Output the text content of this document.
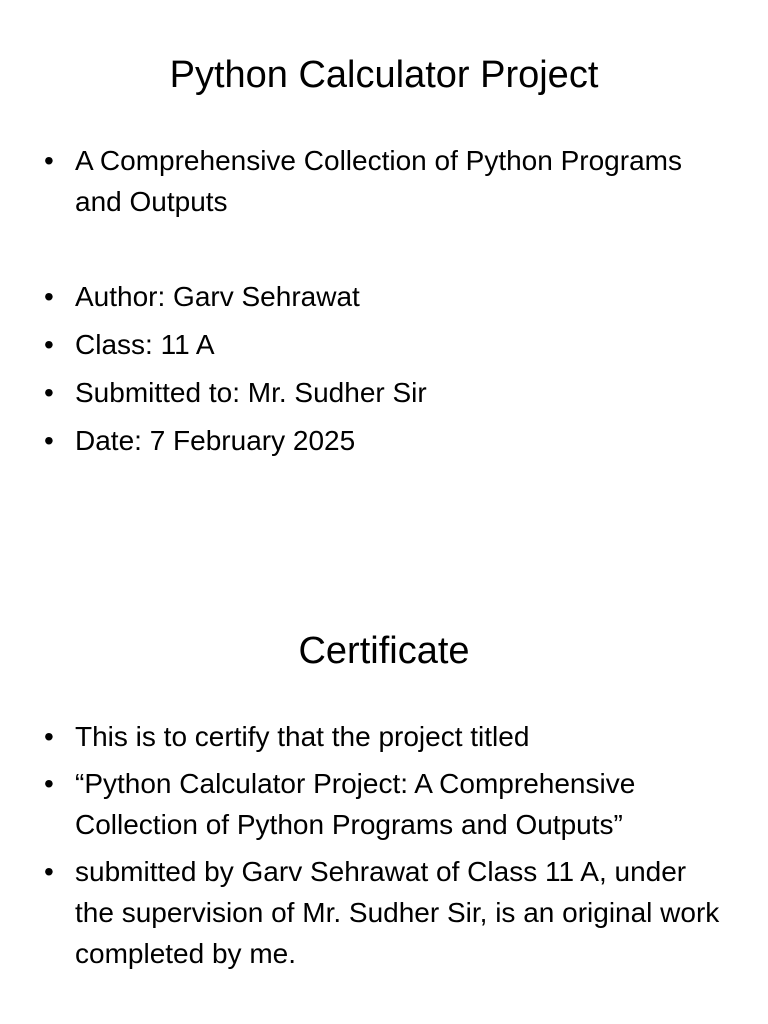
Python Calculator Project
• A Comprehensive Collection of Python Programs and Outputs
• Author: Garv Sehrawat
• Class: 11 A
• Submitted to: Mr. Sudher Sir
• Date: 7 February 2025
Certificate
• This is to certify that the project titled
• “Python Calculator Project: A Comprehensive Collection of Python Programs and Outputs”
• submitted by Garv Sehrawat of Class 11 A, under the supervision of Mr. Sudher Sir, is an original work completed by me.
